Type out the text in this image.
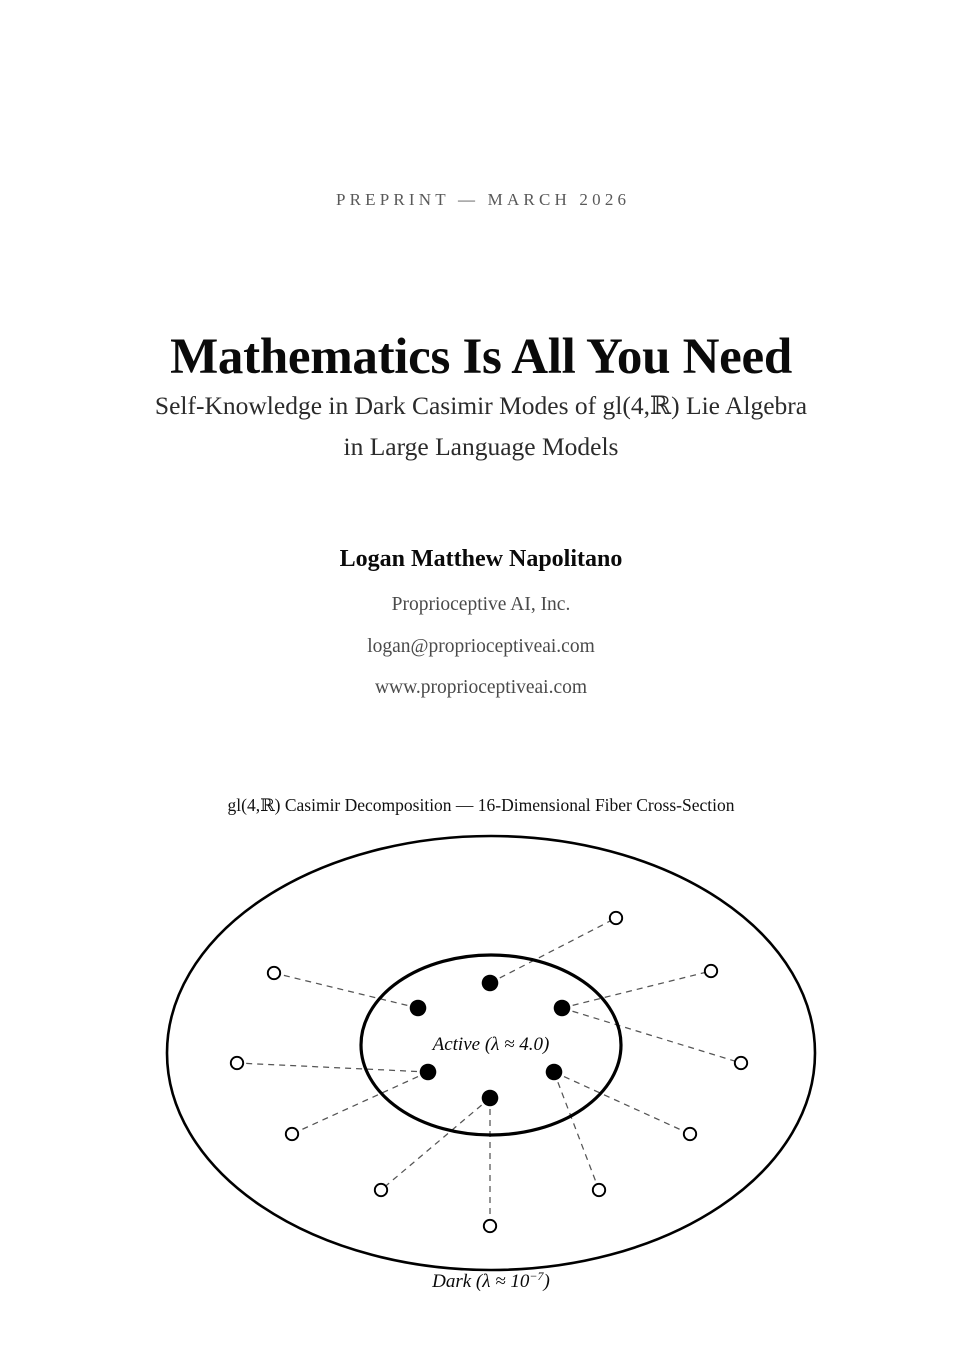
PREPRINT — MARCH 2026
Mathematics Is All You Need
Self-Knowledge in Dark Casimir Modes of gl(4,ℝ) Lie Algebra
in Large Language Models
Logan Matthew Napolitano
Proprioceptive AI, Inc.
logan@proprioceptiveai.com
www.proprioceptiveai.com
gl(4,ℝ) Casimir Decomposition — 16-Dimensional Fiber Cross-Section
Active (λ ≈ 4.0)
Dark $(\lambda \approx 10^{-7})$
